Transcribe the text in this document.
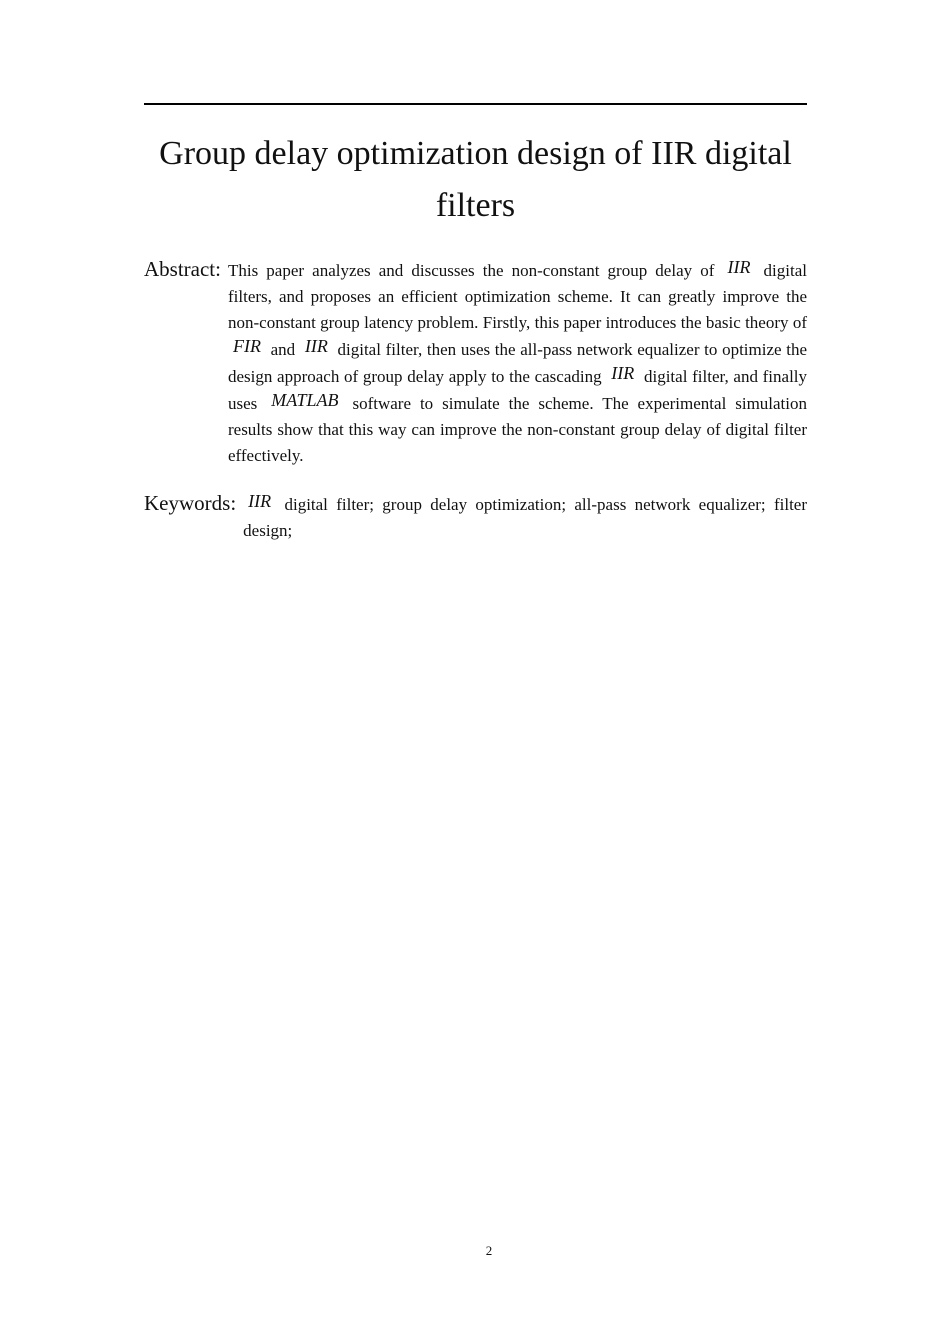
Group delay optimization design of IIR digital filters
Abstract: This paper analyzes and discusses the non-constant group delay of IIR digital filters, and proposes an efficient optimization scheme. It can greatly improve the non-constant group latency problem. Firstly, this paper introduces the basic theory of FIR and IIR digital filter, then uses the all-pass network equalizer to optimize the design approach of group delay apply to the cascading IIR digital filter, and finally uses MATLAB software to simulate the scheme. The experimental simulation results show that this way can improve the non-constant group delay of digital filter effectively.

Keywords: IIR digital filter; group delay optimization; all-pass network equalizer; filter design;

2
